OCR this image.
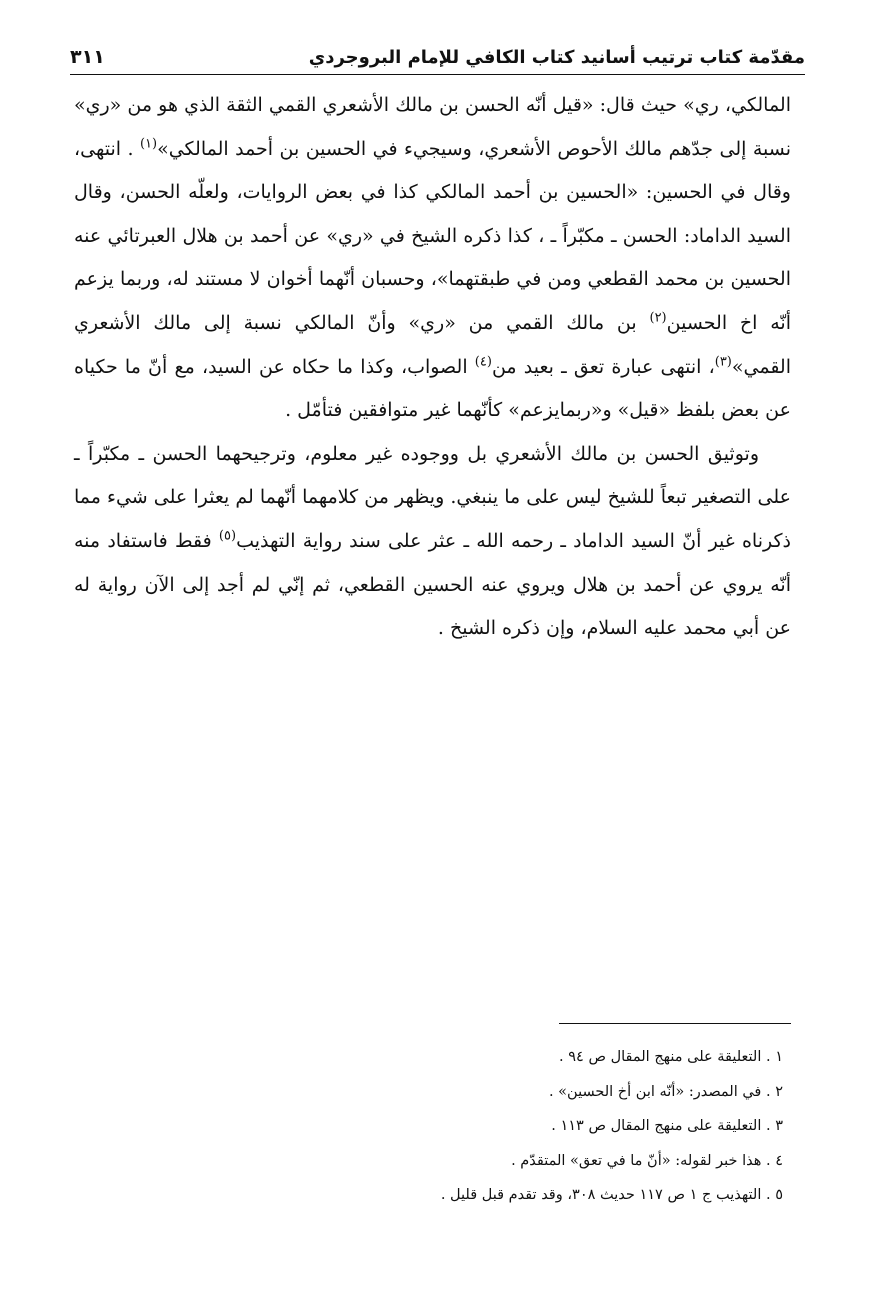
مقدّمة كتاب ترتيب أسانيد كتاب الكافي للإمام البروجردي
٣١١

المالكي، ري» حيث قال: «قيل أنّه الحسن بن مالك الأشعري القمي الثقة الذي هو من «ري» نسبة إلى جدّهم مالك الأحوص الأشعري، وسيجيء في الحسين بن أحمد المالكي»$^{(١)}$ . انتهى، وقال في الحسين: «الحسين بن أحمد المالكي كذا في بعض الروايات، ولعلّه الحسن، وقال السيد الداماد: الحسن ـ مكبّراً ـ ، كذا ذكره الشيخ في «ري» عن أحمد بن هلال العبرتائي عنه الحسين بن محمد القطعي ومن في طبقتهما»، وحسبان أنّهما أخوان لا مستند له، وربما يزعم أنّه اخ الحسين$^{(٢)}$ بن مالك القمي من «ري» وأنّ المالكي نسبة إلى مالك الأشعري القمي»$^{(٣)}$، انتهى عبارة تعق ـ بعيد من$^{(٤)}$ الصواب، وكذا ما حكاه عن السيد، مع أنّ ما حكياه عن بعض بلفظ «قيل» و«ربمايزعم» كأنّهما غير متوافقين فتأمّل .

وتوثيق الحسن بن مالك الأشعري بل ووجوده غير معلوم، وترجيحهما الحسن ـ مكبّراً ـ على التصغير تبعاً للشيخ ليس على ما ينبغي. ويظهر من كلامهما أنّهما لم يعثرا على شيء مما ذكرناه غير أنّ السيد الداماد ـ رحمه الله ـ عثر على سند رواية التهذيب$^{(٥)}$ فقط فاستفاد منه أنّه يروي عن أحمد بن هلال ويروي عنه الحسين القطعي، ثم إنّي لم أجد إلى الآن رواية له عن أبي محمد عليه السلام، وإن ذكره الشيخ .

١ . التعليقة على منهج المقال ص ٩٤ .
٢ . في المصدر: «أنّه ابن أخ الحسين» .
٣ . التعليقة على منهج المقال ص ١١٣ .
٤ . هذا خبر لقوله: «أنّ ما في تعق» المتقدّم .
٥ . التهذيب ج ١ ص ١١٧ حديث ٣٠٨، وقد تقدم قبل قليل .
